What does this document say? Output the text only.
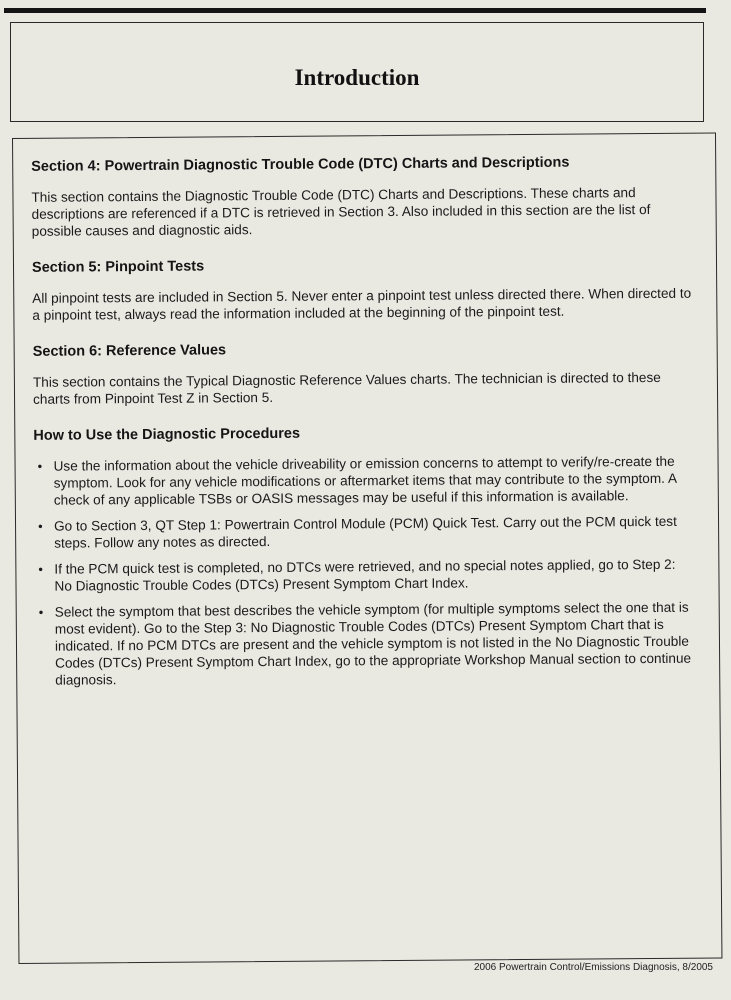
Introduction
Section 4: Powertrain Diagnostic Trouble Code (DTC) Charts and Descriptions

This section contains the Diagnostic Trouble Code (DTC) Charts and Descriptions. These charts and descriptions are referenced if a DTC is retrieved in Section 3. Also included in this section are the list of possible causes and diagnostic aids.

Section 5: Pinpoint Tests

All pinpoint tests are included in Section 5. Never enter a pinpoint test unless directed there. When directed to a pinpoint test, always read the information included at the beginning of the pinpoint test.

Section 6: Reference Values

This section contains the Typical Diagnostic Reference Values charts. The technician is directed to these charts from Pinpoint Test Z in Section 5.

How to Use the Diagnostic Procedures
• Use the information about the vehicle driveability or emission concerns to attempt to verify/re-create the symptom. Look for any vehicle modifications or aftermarket items that may contribute to the symptom. A check of any applicable TSBs or OASIS messages may be useful if this information is available.
• Go to Section 3, QT Step 1: Powertrain Control Module (PCM) Quick Test. Carry out the PCM quick test steps. Follow any notes as directed.
• If the PCM quick test is completed, no DTCs were retrieved, and no special notes applied, go to Step 2: No Diagnostic Trouble Codes (DTCs) Present Symptom Chart Index.
• Select the symptom that best describes the vehicle symptom (for multiple symptoms select the one that is most evident). Go to the Step 3: No Diagnostic Trouble Codes (DTCs) Present Symptom Chart that is indicated. If no PCM DTCs are present and the vehicle symptom is not listed in the No Diagnostic Trouble Codes (DTCs) Present Symptom Chart Index, go to the appropriate Workshop Manual section to continue diagnosis.
2006 Powertrain Control/Emissions Diagnosis, 8/2005
